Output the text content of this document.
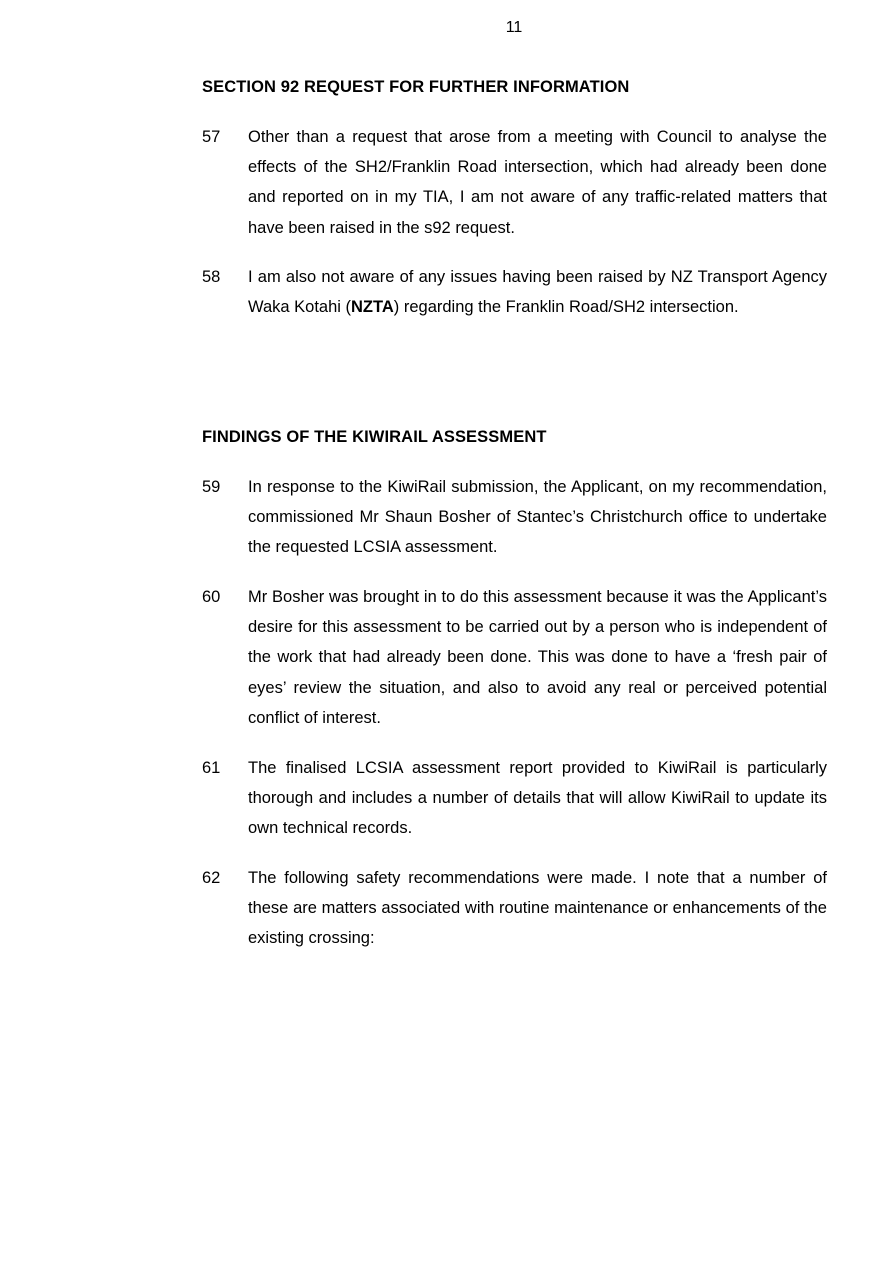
11
SECTION 92 REQUEST FOR FURTHER INFORMATION
57 Other than a request that arose from a meeting with Council to analyse the effects of the SH2/Franklin Road intersection, which had already been done and reported on in my TIA, I am not aware of any traffic-related matters that have been raised in the s92 request.
58 I am also not aware of any issues having been raised by NZ Transport Agency Waka Kotahi (NZTA) regarding the Franklin Road/SH2 intersection.
FINDINGS OF THE KIWIRAIL ASSESSMENT
59 In response to the KiwiRail submission, the Applicant, on my recommendation, commissioned Mr Shaun Bosher of Stantec’s Christchurch office to undertake the requested LCSIA assessment.
60 Mr Bosher was brought in to do this assessment because it was the Applicant’s desire for this assessment to be carried out by a person who is independent of the work that had already been done. This was done to have a ‘fresh pair of eyes’ review the situation, and also to avoid any real or perceived potential conflict of interest.
61 The finalised LCSIA assessment report provided to KiwiRail is particularly thorough and includes a number of details that will allow KiwiRail to update its own technical records.
62 The following safety recommendations were made. I note that a number of these are matters associated with routine maintenance or enhancements of the existing crossing:
